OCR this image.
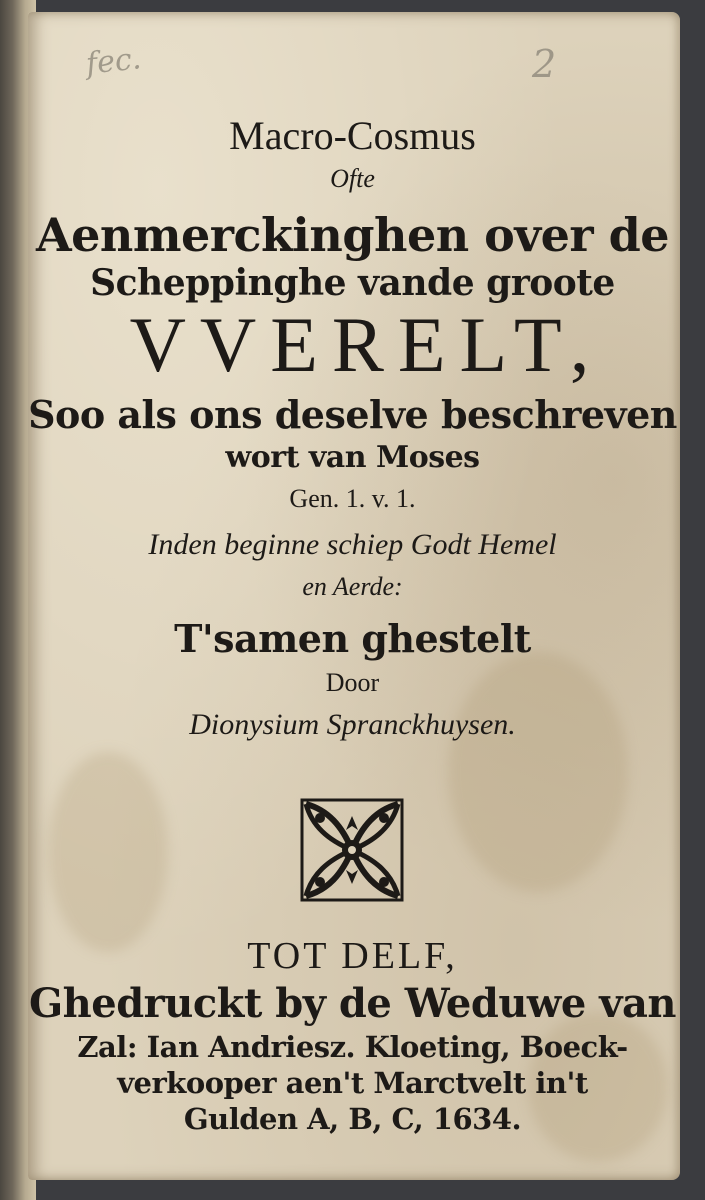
fec.	2
Macro-Cosmus
Ofte
Aenmerckinghen over de
Scheppinghe vande groote
VVERELT,
Soo als ons deselve beschreven
wort van Moses
Gen. 1. v. 1.
Inden beginne schiep Godt Hemel
en Aerde:
T'samen ghestelt
Door
Dionysium Spranckhuysen.
TOT DELF,
Ghedruckt by de Weduwe van
Zal: Ian Andriesz. Kloeting, Boeck-
verkooper aen't Marctvelt in't
Gulden A, B, C, 1634.
